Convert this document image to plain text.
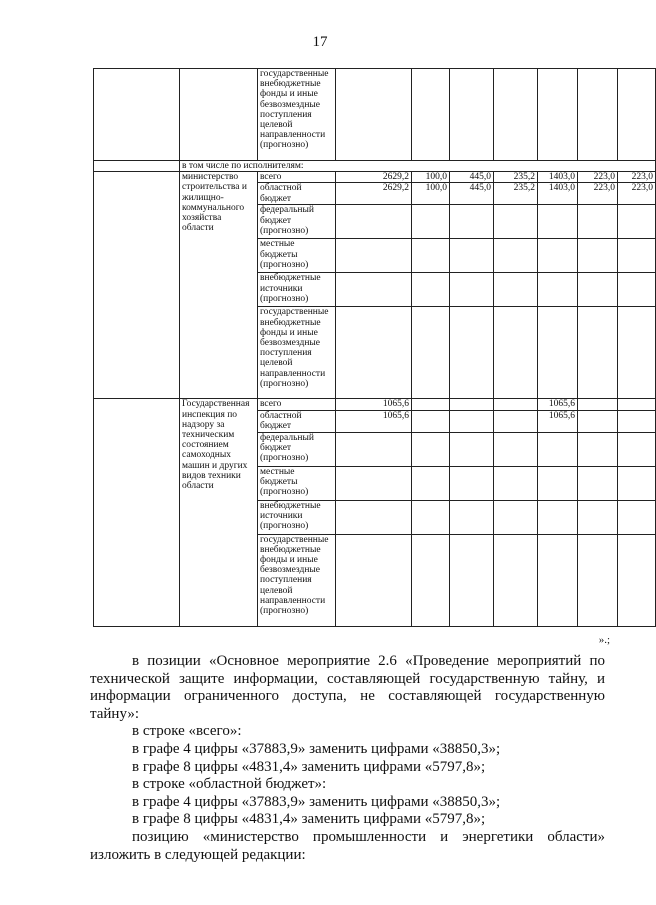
17
		государственные внебюджетные фонды и иные безвозмездные поступления целевой направленности (прогнозно)							
	в том числе по исполнителям:								
	министерство строительства и жилищно-коммунального хозяйства области	всего	2629,2	100,0	445,0	235,2	1403,0	223,0	223,0
		областной бюджет	2629,2	100,0	445,0	235,2	1403,0	223,0	223,0
		федеральный бюджет (прогнозно)							
		местные бюджеты (прогнозно)							
		внебюджетные источники (прогнозно)							
		государственные внебюджетные фонды и иные безвозмездные поступления целевой направленности (прогнозно)							
	Государственная инспекция по надзору за техническим состоянием самоходных машин и других видов техники области	всего	1065,6				1065,6		
		областной бюджет	1065,6				1065,6		
		федеральный бюджет (прогнозно)							
		местные бюджеты (прогнозно)							
		внебюджетные источники (прогнозно)							
		государственные внебюджетные фонды и иные безвозмездные поступления целевой направленности (прогнозно)							
».;

в позиции «Основное мероприятие 2.6 «Проведение мероприятий по технической защите информации, составляющей государственную тайну, и информации ограниченного доступа, не составляющей государственную тайну»:

в строке «всего»:

в графе 4 цифры «37883,9» заменить цифрами «38850,3»;

в графе 8 цифры «4831,4» заменить цифрами «5797,8»;

в строке «областной бюджет»:

в графе 4 цифры «37883,9» заменить цифрами «38850,3»;

в графе 8 цифры «4831,4» заменить цифрами «5797,8»;

позицию «министерство промышленности и энергетики области»

изложить в следующей редакции:
